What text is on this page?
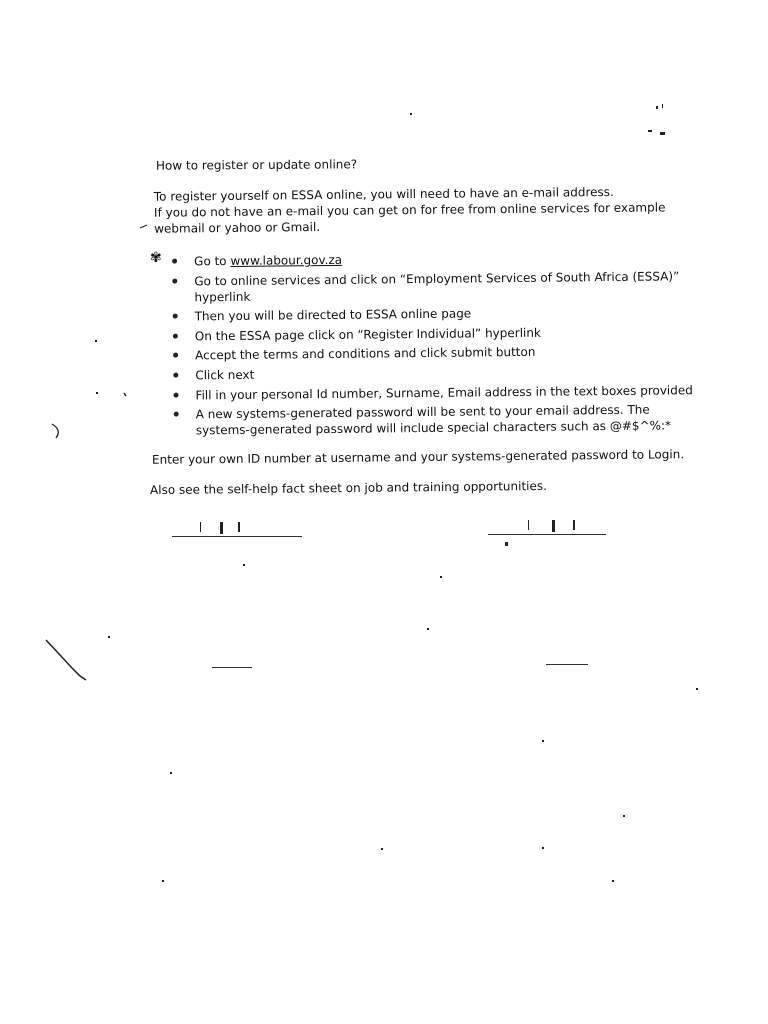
How to register or update online?
To register yourself on ESSA online, you will need to have an e-mail address.
If you do not have an e-mail you can get on for free from online services for example
webmail or yahoo or Gmail.
✾	Go to www.labour.gov.za
Go to online services and click on “Employment Services of South Africa (ESSA)”
hyperlink
Then you will be directed to ESSA online page
On the ESSA page click on “Register Individual” hyperlink
Accept the terms and conditions and click submit button
Click next
Fill in your personal Id number, Surname, Email address in the text boxes provided
A new systems-generated password will be sent to your email address. The
systems-generated password will include special characters such as @#$^%:*
Enter your own ID number at username and your systems-generated password to Login.
Also see the self-help fact sheet on job and training opportunities.
